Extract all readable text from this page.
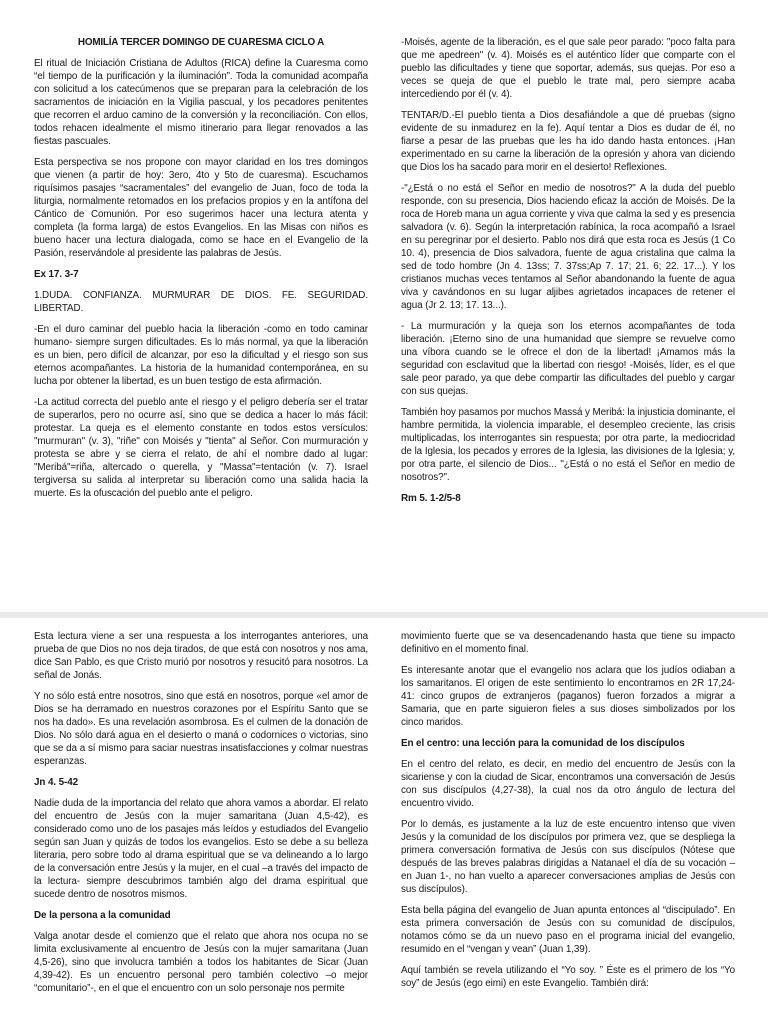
HOMILÍA TERCER DOMINGO DE CUARESMA CICLO A

El ritual de Iniciación Cristiana de Adultos (RICA) define la Cuaresma como “el tiempo de la purificación y la iluminación”. Toda la comunidad acompaña con solicitud a los catecúmenos que se preparan para la celebración de los sacramentos de iniciación en la Vigilia pascual, y los pecadores penitentes que recorren el arduo camino de la conversión y la reconciliación. Con ellos, todos rehacen idealmente el mismo itinerario para llegar renovados a las fiestas pascuales.

Esta perspectiva se nos propone con mayor claridad en los tres domingos que vienen (a partir de hoy: 3ero, 4to y 5to de cuaresma). Escuchamos riquísimos pasajes “sacramentales” del evangelio de Juan, foco de toda la liturgia, normalmente retomados en los prefacios propios y en la antífona del Cántico de Comunión. Por eso sugerimos hacer una lectura atenta y completa (la forma larga) de estos Evangelios. En las Misas con niños es bueno hacer una lectura dialogada, como se hace en el Evangelio de la Pasión, reservándole al presidente las palabras de Jesús.

Ex 17. 3-7

1.DUDA. CONFIANZA. MURMURAR DE DIOS. FE. SEGURIDAD. LIBERTAD.

-En el duro caminar del pueblo hacia la liberación -como en todo caminar humano- siempre surgen dificultades. Es lo más normal, ya que la liberación es un bien, pero difícil de alcanzar, por eso la dificultad y el riesgo son sus eternos acompañantes. La historia de la humanidad contemporánea, en su lucha por obtener la libertad, es un buen testigo de esta afirmación.

-La actitud correcta del pueblo ante el riesgo y el peligro debería ser el tratar de superarlos, pero no ocurre así, sino que se dedica a hacer lo más fácil: protestar. La queja es el elemento constante en todos estos versículos: "murmuran" (v. 3), "riñe" con Moisés y "tienta" al Señor. Con murmuración y protesta se abre y se cierra el relato, de ahí el nombre dado al lugar: "Meribá"=riña, altercado o querella, y "Massa"=tentación (v. 7). Israel tergiversa su salida al interpretar su liberación como una salida hacia la muerte. Es la ofuscación del pueblo ante el peligro.

-Moisés, agente de la liberación, es el que sale peor parado: "poco falta para que me apedreen" (v. 4). Moisés es el auténtico líder que comparte con el pueblo las dificultades y tiene que soportar, además, sus quejas. Por eso a veces se queja de que el pueblo le trate mal, pero siempre acaba intercediendo por él (v. 4).

TENTAR/D.-El pueblo tienta a Dios desafiándole a que dé pruebas (signo evidente de su inmadurez en la fe). Aquí tentar a Dios es dudar de él, no fiarse a pesar de las pruebas que les ha ido dando hasta entonces. ¡Han experimentado en su carne la liberación de la opresión y ahora van diciendo que Dios los ha sacado para morir en el desierto! Reflexiones.

-"¿Está o no está el Señor en medio de nosotros?" A la duda del pueblo responde, con su presencia, Dios haciendo eficaz la acción de Moisés. De la roca de Horeb mana un agua corriente y viva que calma la sed y es presencia salvadora (v. 6). Según la interpretación rabínica, la roca acompañó a Israel en su peregrinar por el desierto. Pablo nos dirá que esta roca es Jesús (1 Co 10. 4), presencia de Dios salvadora, fuente de agua cristalina que calma la sed de todo hombre (Jn 4. 13ss; 7. 37ss;Ap 7. 17; 21. 6; 22. 17...). Y los cristianos muchas veces tentamos al Señor abandonando la fuente de agua viva y cavándonos en su lugar aljibes agrietados incapaces de retener el agua (Jr 2. 13; 17. 13...).

- La murmuración y la queja son los eternos acompañantes de toda liberación. ¡Eterno sino de una humanidad que siempre se revuelve como una víbora cuando se le ofrece el don de la libertad! ¡Amamos más la seguridad con esclavitud que la libertad con riesgo! -Moisés, líder, es el que sale peor parado, ya que debe compartir las dificultades del pueblo y cargar con sus quejas.

También hoy pasamos por muchos Massá y Meribá: la injusticia dominante, el hambre permitida, la violencia imparable, el desempleo creciente, las crisis multiplicadas, los interrogantes sin respuesta; por otra parte, la mediocridad de la Iglesia, los pecados y errores de la Iglesia, las divisiones de la Iglesia; y, por otra parte, el silencio de Dios... "¿Está o no está el Señor en medio de nosotros?".

Rm 5. 1-2/5-8

Esta lectura viene a ser una respuesta a los interrogantes anteriores, una prueba de que Dios no nos deja tirados, de que está con nosotros y nos ama, dice San Pablo, es que Cristo murió por nosotros y resucitó para nosotros. La señal de Jonás.

Y no sólo está entre nosotros, sino que está en nosotros, porque «el amor de Dios se ha derramado en nuestros corazones por el Espíritu Santo que se nos ha dado». Es una revelación asombrosa. Es el culmen de la donación de Dios. No sólo dará agua en el desierto o maná o codornices o victorias, sino que se da a sí mismo para saciar nuestras insatisfacciones y colmar nuestras esperanzas.

Jn 4. 5-42

Nadie duda de la importancia del relato que ahora vamos a abordar. El relato del encuentro de Jesús con la mujer samaritana (Juan 4,5-42), es considerado como uno de los pasajes más leídos y estudiados del Evangelio según san Juan y quizás de todos los evangelios. Esto se debe a su belleza literaria, pero sobre todo al drama espiritual que se va delineando a lo largo de la conversación entre Jesús y la mujer, en el cual –a través del impacto de la lectura- siempre descubrimos también algo del drama espiritual que sucede dentro de nosotros mismos.

De la persona a la comunidad

Valga anotar desde el comienzo que el relato que ahora nos ocupa no se limita exclusivamente al encuentro de Jesús con la mujer samaritana (Juan 4,5-26), sino que involucra también a todos los habitantes de Sicar (Juan 4,39-42). Es un encuentro personal pero también colectivo –o mejor “comunitario”-, en el que el encuentro con un solo personaje nos permite

movimiento fuerte que se va desencadenando hasta que tiene su impacto definitivo en el momento final.

Es interesante anotar que el evangelio nos aclara que los judíos odiaban a los samaritanos. El origen de este sentimiento lo encontramos en 2R 17,24-41: cinco grupos de extranjeros (paganos) fueron forzados a migrar a Samaria, que en parte siguieron fieles a sus dioses simbolizados por los cinco maridos.

En el centro: una lección para la comunidad de los discípulos

En el centro del relato, es decir, en medio del encuentro de Jesús con la sicariense y con la ciudad de Sicar, encontramos una conversación de Jesús con sus discípulos (4,27-38), la cual nos da otro ángulo de lectura del encuentro vivido.

Por lo demás, es justamente a la luz de este encuentro intenso que viven Jesús y la comunidad de los discípulos por primera vez, que se despliega la primera conversación formativa de Jesús con sus discípulos (Nótese que después de las breves palabras dirigidas a Natanael el día de su vocación –en Juan 1-, no han vuelto a aparecer conversaciones amplias de Jesús con sus discípulos).

Esta bella página del evangelio de Juan apunta entonces al “discipulado”. En esta primera conversación de Jesús con su comunidad de discípulos, notamos cómo se da un nuevo paso en el programa inicial del evangelio, resumido en el “vengan y vean” (Juan 1,39).

Aquí también se revela utilizando el “Yo soy. ” Éste es el primero de los “Yo soy” de Jesús (ego eimi) en este Evangelio. También dirá:
